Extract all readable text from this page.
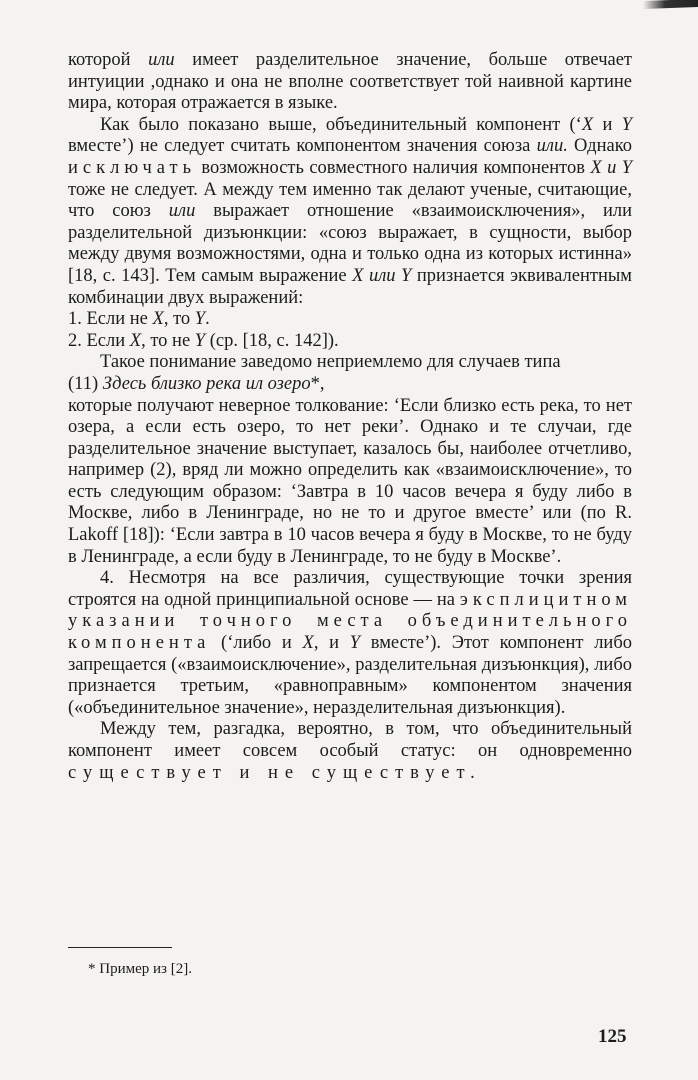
которой или имеет разделительное значение, больше отвечает интуиции ,однако и она не вполне соответствует той наивной картине мира, которая отражается в языке.

Как было показано выше, объединительный компонент (‘X и Y вместе’) не следует считать компонентом значения союза или. Однако исключать возможность совместного наличия компонентов X и Y тоже не следует. А между тем именно так делают ученые, считающие, что союз или выражает отношение «взаимоисключения», или разделительной дизъюнкции: «союз выражает, в сущности, выбор между двумя возможностями, одна и только одна из которых истинна» [18, с. 143]. Тем самым выражение X или Y признается эквивалентным комбинации двух выражений:

1. Если не X, то Y.

2. Если X, то не Y (ср. [18, с. 142]).

Такое понимание заведомо неприемлемо для случаев типа

(11) Здесь близко река ил озеро*,

которые получают неверное толкование: ‘Если близко есть река, то нет озера, а если есть озеро, то нет реки’. Однако и те случаи, где разделительное значение выступает, казалось бы, наиболее отчетливо, например (2), вряд ли можно определить как «взаимоисключение», то есть следующим образом: ‘Завтра в 10 часов вечера я буду либо в Москве, либо в Ленинграде, но не то и другое вместе’ или (по R. Lakoff [18]): ‘Если завтра в 10 часов вечера я буду в Москве, то не буду в Ленинграде, а если буду в Ленинграде, то не буду в Москве’.

4. Несмотря на все различия, существующие точки зрения строятся на одной принципиальной основе — на эксплицитном указании точного места объединительного компонента (‘либо и X, и Y вместе’). Этот компонент либо запрещается («взаимоисключение», разделительная дизъюнкция), либо признается третьим, «равноправным» компонентом значения («объединительное значение», неразделительная дизъюнкция).

Между тем, разгадка, вероятно, в том, что объединительный компонент имеет совсем особый статус: он одновременно существует и не существует.

* Пример из [2].
125
